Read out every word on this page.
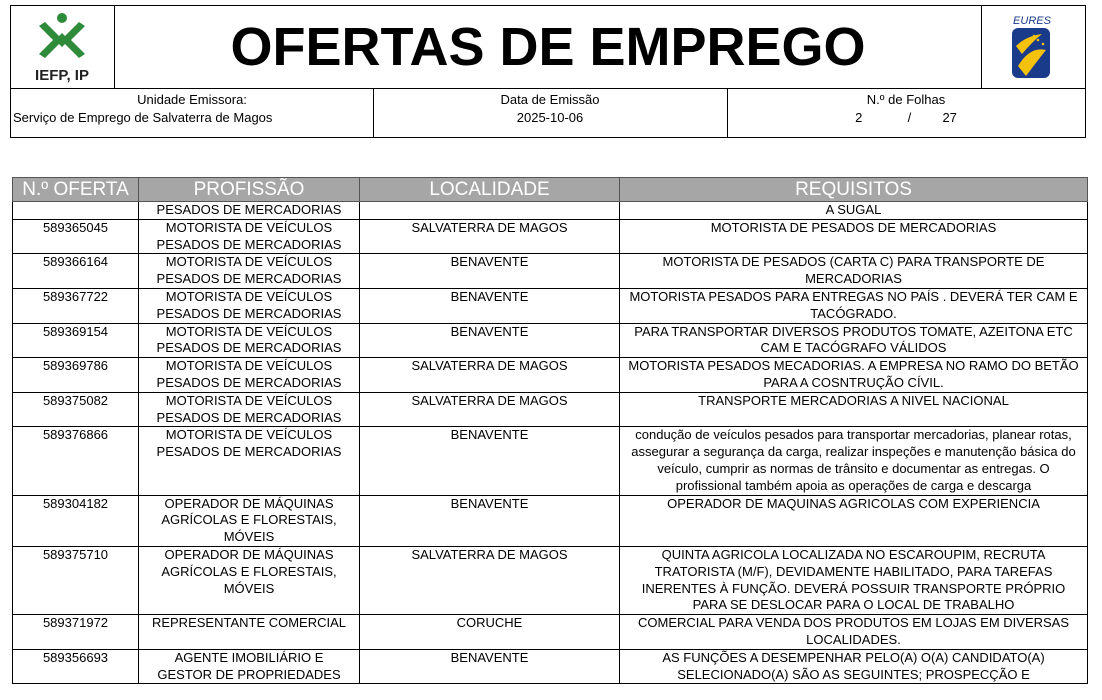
IEFP, IP	OFERTAS DE EMPREGO	EURES
Unidade Emissora:
Serviço de Emprego de Salvaterra de Magos
Data de Emissão
2025-10-06
N.º de Folhas
2	/ 27
N.º OFERTA	PROFISSÃO	LOCALIDADE	REQUISITOS
	PESADOS DE MERCADORIAS		A SUGAL
589365045	MOTORISTA DE VEÍCULOS PESADOS DE MERCADORIAS	SALVATERRA DE MAGOS	MOTORISTA DE PESADOS DE MERCADORIAS
589366164	MOTORISTA DE VEÍCULOS PESADOS DE MERCADORIAS	BENAVENTE	MOTORISTA DE PESADOS (CARTA C) PARA TRANSPORTE DE MERCADORIAS
589367722	MOTORISTA DE VEÍCULOS PESADOS DE MERCADORIAS	BENAVENTE	MOTORISTA PESADOS PARA ENTREGAS NO PAÍS . DEVERÁ TER CAM E TACÓGRADO.
589369154	MOTORISTA DE VEÍCULOS PESADOS DE MERCADORIAS	BENAVENTE	PARA TRANSPORTAR DIVERSOS PRODUTOS TOMATE, AZEITONA ETC CAM E TACÓGRAFO VÁLIDOS
589369786	MOTORISTA DE VEÍCULOS PESADOS DE MERCADORIAS	SALVATERRA DE MAGOS	MOTORISTA PESADOS MECADORIAS. A EMPRESA NO RAMO DO BETÃO PARA A COSNTRUÇÃO CÍVIL.
589375082	MOTORISTA DE VEÍCULOS PESADOS DE MERCADORIAS	SALVATERRA DE MAGOS	TRANSPORTE MERCADORIAS A NIVEL NACIONAL
589376866	MOTORISTA DE VEÍCULOS PESADOS DE MERCADORIAS	BENAVENTE	condução de veículos pesados para transportar mercadorias, planear rotas, assegurar a segurança da carga, realizar inspeções e manutenção básica do veículo, cumprir as normas de trânsito e documentar as entregas. O profissional também apoia as operações de carga e descarga
589304182	OPERADOR DE MÁQUINAS AGRÍCOLAS E FLORESTAIS, MÓVEIS	BENAVENTE	OPERADOR DE MAQUINAS AGRICOLAS COM EXPERIENCIA
589375710	OPERADOR DE MÁQUINAS AGRÍCOLAS E FLORESTAIS, MÓVEIS	SALVATERRA DE MAGOS	QUINTA AGRICOLA LOCALIZADA NO ESCAROUPIM, RECRUTA TRATORISTA (M/F), DEVIDAMENTE HABILITADO, PARA TAREFAS INERENTES À FUNÇÃO. DEVERÁ POSSUIR TRANSPORTE PRÓPRIO PARA SE DESLOCAR PARA O LOCAL DE TRABALHO
589371972	REPRESENTANTE COMERCIAL	CORUCHE	COMERCIAL PARA VENDA DOS PRODUTOS EM LOJAS EM DIVERSAS LOCALIDADES.
589356693	AGENTE IMOBILIÁRIO E GESTOR DE PROPRIEDADES	BENAVENTE	AS FUNÇÕES A DESEMPENHAR PELO(A) O(A) CANDIDATO(A) SELECIONADO(A) SÃO AS SEGUINTES; PROSPECÇÃO E
